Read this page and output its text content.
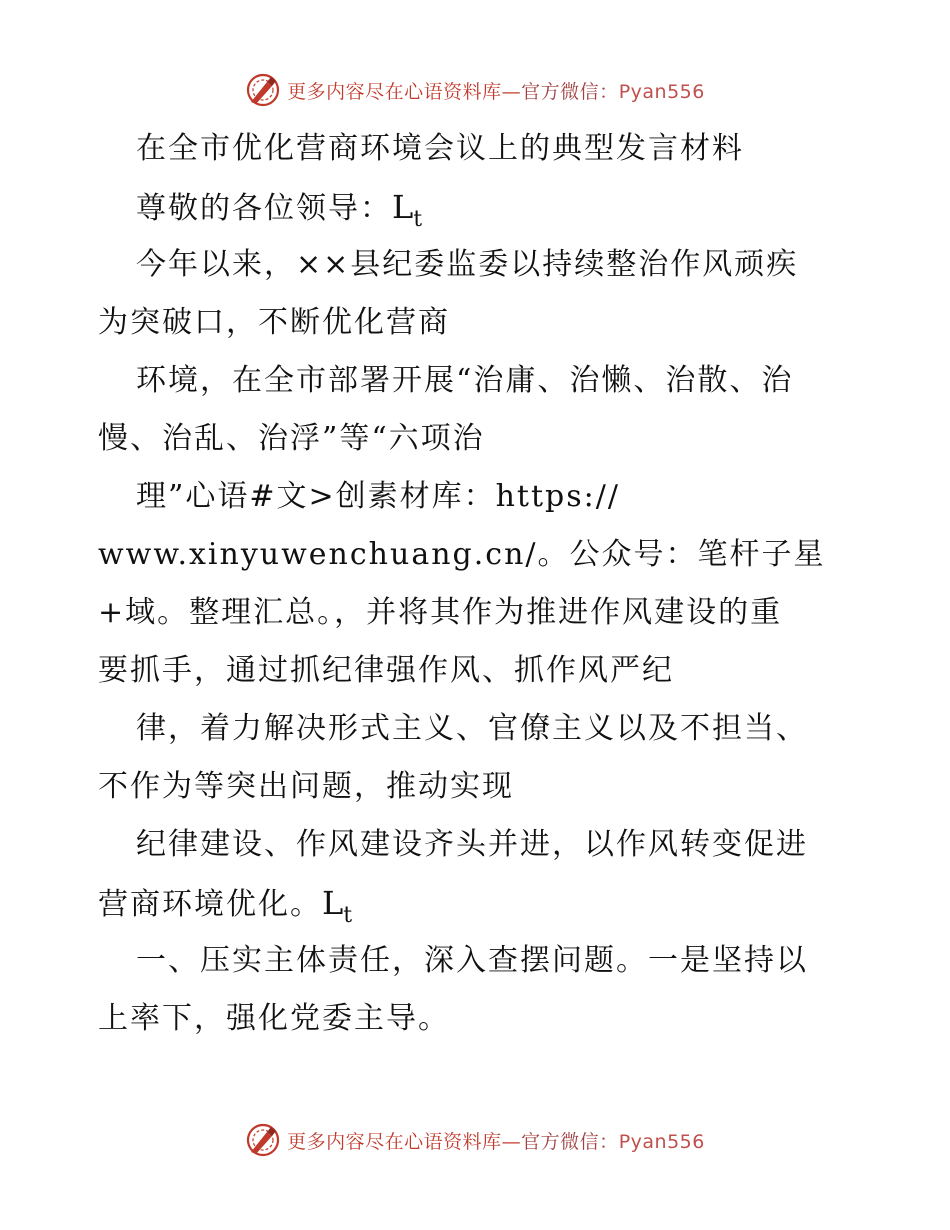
更多内容尽在心语资料库—官方微信：Pyan556
在全市优化营商环境会议上的典型发言材料
尊敬的各位领导：$L_t$
今年以来，××县纪委监委以持续整治作风顽疾
为突破口，不断优化营商
环境，在全市部署开展“治庸、治懒、治散、治
慢、治乱、治浮”等“六项治
理”心语#文>创素材库：https://
www.xinyuwenchuang.cn/。公众号：笔杆子星
+域。整理汇总。，并将其作为推进作风建设的重
要抓手，通过抓纪律强作风、抓作风严纪
律，着力解决形式主义、官僚主义以及不担当、
不作为等突出问题，推动实现
纪律建设、作风建设齐头并进，以作风转变促进
营商环境优化。$L_t$
一、压实主体责任，深入查摆问题。一是坚持以
上率下，强化党委主导。
更多内容尽在心语资料库—官方微信：Pyan556
